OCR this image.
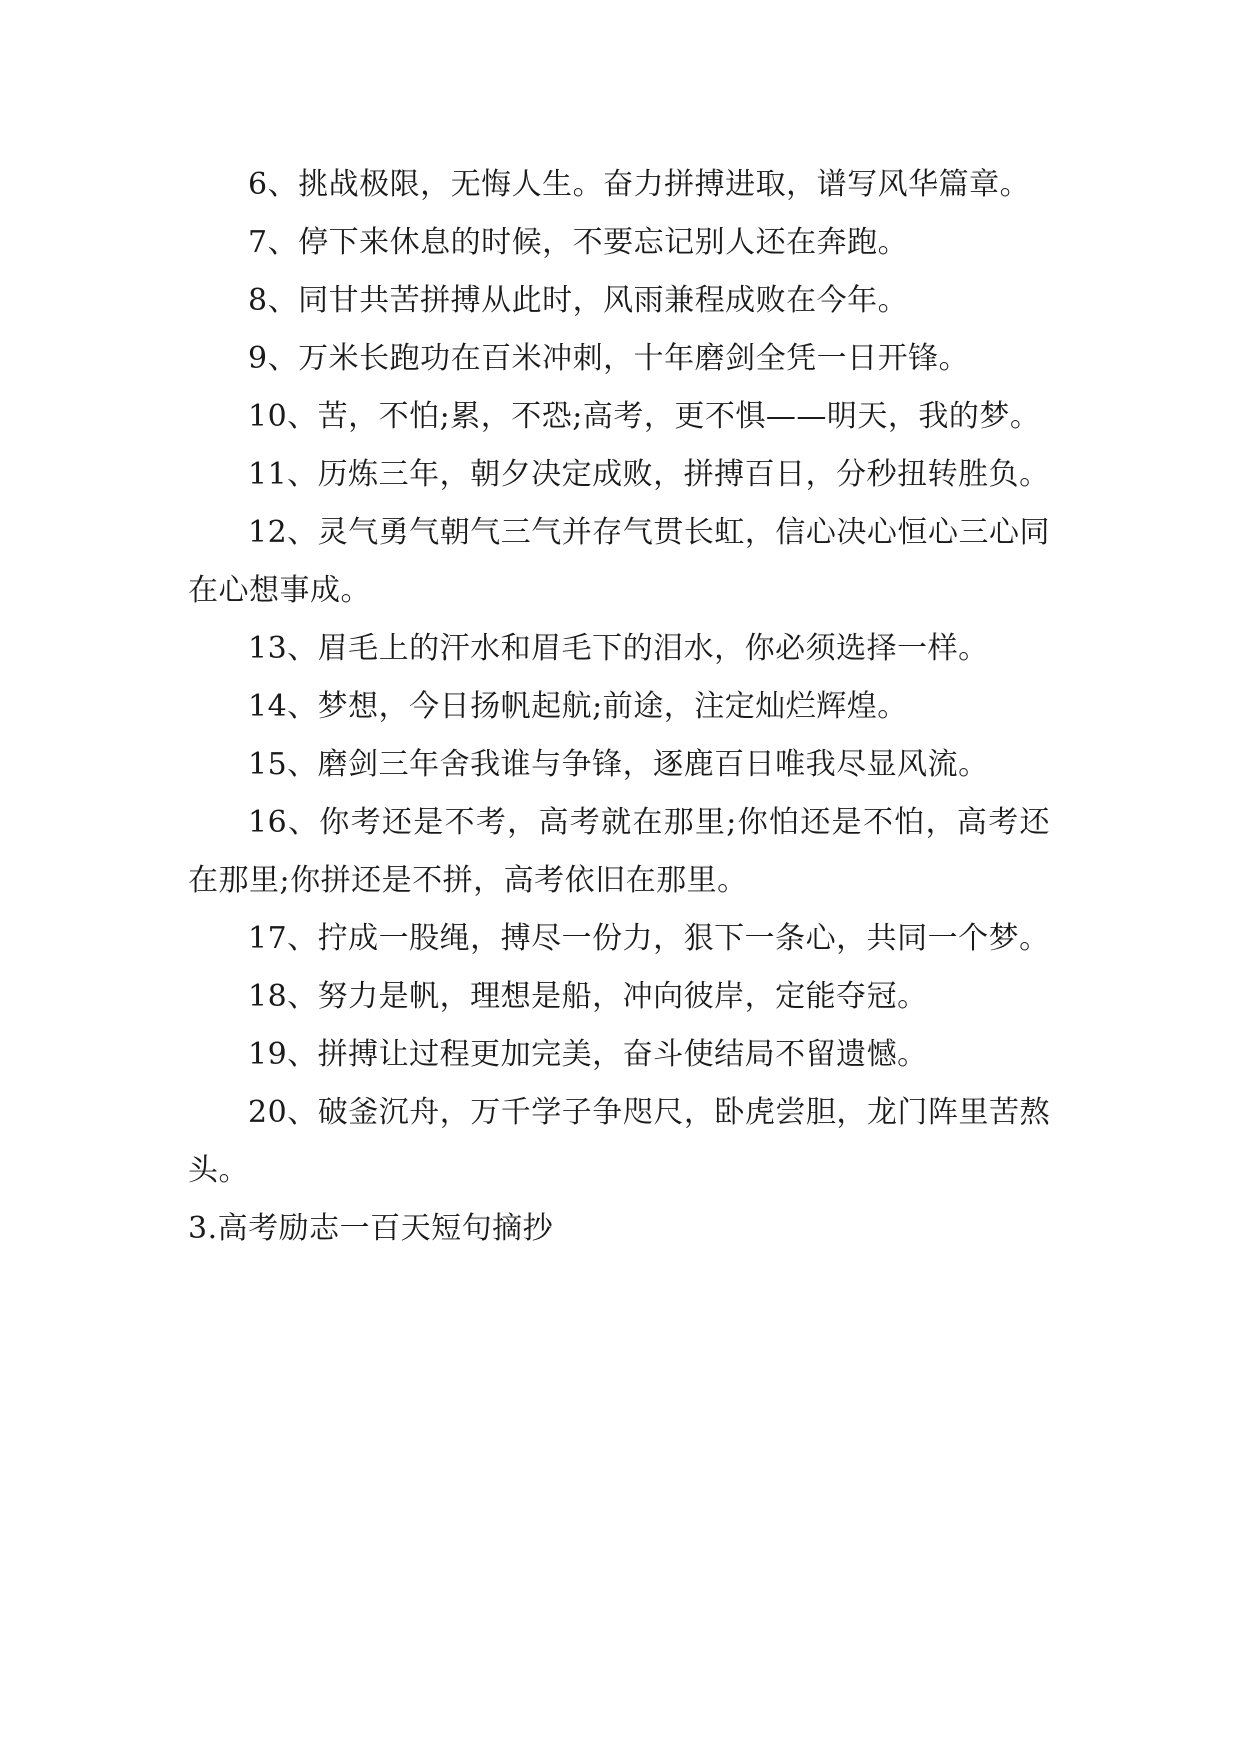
6、挑战极限，无悔人生。奋力拼搏进取，谱写风华篇章。

7、停下来休息的时候，不要忘记别人还在奔跑。

8、同甘共苦拼搏从此时，风雨兼程成败在今年。

9、万米长跑功在百米冲刺，十年磨剑全凭一日开锋。

10、苦，不怕;累，不恐;高考，更不惧——明天，我的梦。

11、历炼三年，朝夕决定成败，拼搏百日，分秒扭转胜负。

12、灵气勇气朝气三气并存气贯长虹，信心决心恒心三心同在心想事成。

13、眉毛上的汗水和眉毛下的泪水，你必须选择一样。

14、梦想，今日扬帆起航;前途，注定灿烂辉煌。

15、磨剑三年舍我谁与争锋，逐鹿百日唯我尽显风流。

16、你考还是不考，高考就在那里;你怕还是不怕，高考还在那里;你拼还是不拼，高考依旧在那里。

17、拧成一股绳，搏尽一份力，狠下一条心，共同一个梦。

18、努力是帆，理想是船，冲向彼岸，定能夺冠。

19、拼搏让过程更加完美，奋斗使结局不留遗憾。

20、破釜沉舟，万千学子争咫尺，卧虎尝胆，龙门阵里苦熬头。

3.高考励志一百天短句摘抄
